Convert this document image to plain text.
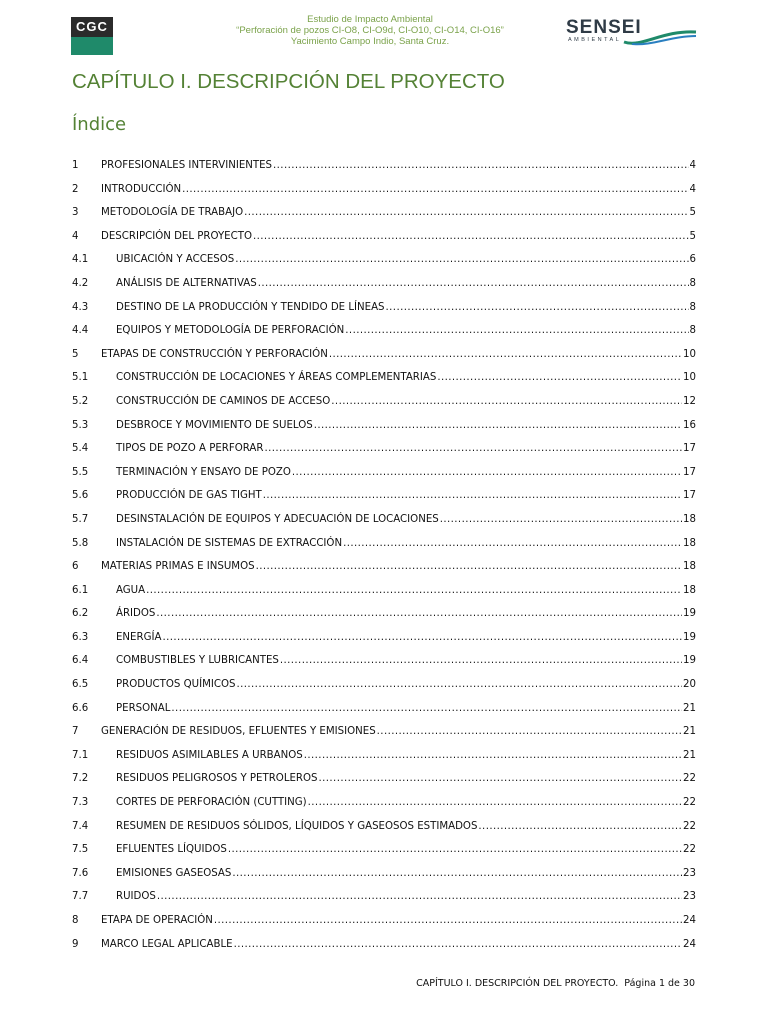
CGC	Estudio de Impacto Ambiental
“Perforación de pozos CI-O8, CI-O9d, CI-O10, CI-O14, CI-O16”
Yacimiento Campo Indio, Santa Cruz.
SENSEI
AMBIENTAL
CAPÍTULO I. DESCRIPCIÓN DEL PROYECTO
Índice
1 PROFESIONALES INTERVINIENTES .....	4
2 INTRODUCCIÓN .....	4
3 METODOLOGÍA DE TRABAJO .....	5
4 DESCRIPCIÓN DEL PROYECTO .....	5
4.1	UBICACIÓN Y ACCESOS .....	6
4.2	ANÁLISIS DE ALTERNATIVAS .....	8
4.3	DESTINO DE LA PRODUCCIÓN Y TENDIDO DE LÍNEAS .....	8
4.4	EQUIPOS Y METODOLOGÍA DE PERFORACIÓN .....	8
5 ETAPAS DE CONSTRUCCIÓN Y PERFORACIÓN .....	10
5.1	CONSTRUCCIÓN DE LOCACIONES Y ÁREAS COMPLEMENTARIAS .....	10
5.2	CONSTRUCCIÓN DE CAMINOS DE ACCESO .....	12
5.3	DESBROCE Y MOVIMIENTO DE SUELOS .....	16
5.4	TIPOS DE POZO A PERFORAR .....	17
5.5	TERMINACIÓN Y ENSAYO DE POZO .....	17
5.6	PRODUCCIÓN DE GAS TIGHT .....	17
5.7	DESINSTALACIÓN DE EQUIPOS Y ADECUACIÓN DE LOCACIONES .....	18
5.8	INSTALACIÓN DE SISTEMAS DE EXTRACCIÓN .....	18
6 MATERIAS PRIMAS E INSUMOS .....	18
6.1	AGUA .....	18
6.2	ÁRIDOS .....	19
6.3	ENERGÍA .....	19
6.4	COMBUSTIBLES Y LUBRICANTES .....	19
6.5	PRODUCTOS QUÍMICOS .....	20
6.6	PERSONAL .....	21
7 GENERACIÓN DE RESIDUOS, EFLUENTES Y EMISIONES .....	21
7.1	RESIDUOS ASIMILABLES A URBANOS .....	21
7.2	RESIDUOS PELIGROSOS Y PETROLEROS .....	22
7.3	CORTES DE PERFORACIÓN (CUTTING) .....	22
7.4	RESUMEN DE RESIDUOS SÓLIDOS, LÍQUIDOS Y GASEOSOS ESTIMADOS .....	22
7.5	EFLUENTES LÍQUIDOS .....	22
7.6	EMISIONES GASEOSAS .....	23
7.7	RUIDOS .....	23
8 ETAPA DE OPERACIÓN .....	24
9 MARCO LEGAL APLICABLE .....	24
CAPÍTULO I. DESCRIPCIÓN DEL PROYECTO. Página 1 de 30
